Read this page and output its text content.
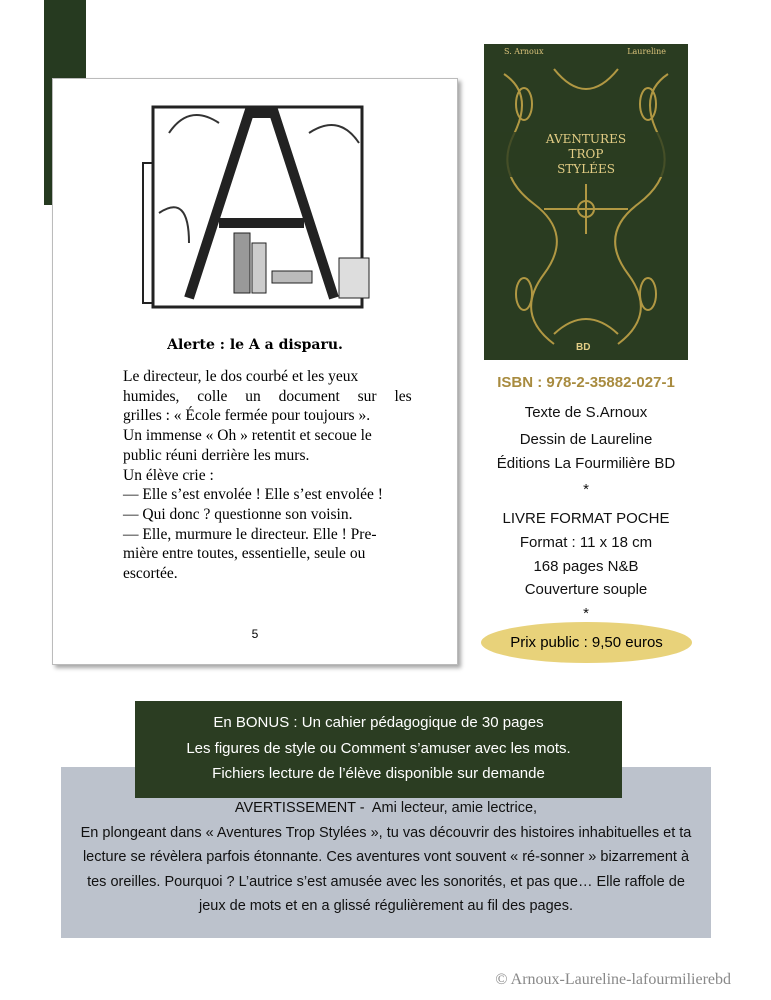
Alerte : le A a disparu.
Le directeur, le dos courbé et les yeux
humides, colle un document sur les
grilles : « École fermée pour toujours ».
Un immense « Oh » retentit et secoue le
public réuni derrière les murs.
Un élève crie :
— Elle s’est envolée ! Elle s’est envolée !
— Qui donc ? questionne son voisin.
— Elle, murmure le directeur. Elle ! Pre-
mière entre toutes, essentielle, seule ou
escortée.
5
S. Arnoux	Laureline
AVENTURES
TROP
STYLÉES
BD
ISBN : 978-2-35882-027-1
Texte de S.Arnoux
Dessin de Laureline
Éditions La Fourmilière BD
*
LIVRE FORMAT POCHE
Format : 11 x 18 cm
168 pages N&B
Couverture souple
*
Prix public : 9,50 euros
En BONUS : Un cahier pédagogique de 30 pages
Les figures de style ou Comment s’amuser avec les mots.
Fichiers lecture de l’élève disponible sur demande
AVERTISSEMENT -  Ami lecteur, amie lectrice,
En plongeant dans « Aventures Trop Stylées », tu vas découvrir des histoires inhabituelles et ta
lecture se révèlera parfois étonnante. Ces aventures vont souvent « ré-sonner » bizarrement à
tes oreilles. Pourquoi ? L’autrice s’est amusée avec les sonorités, et pas que… Elle raffole de
jeux de mots et en a glissé régulièrement au fil des pages.
© Arnoux-Laureline-lafourmilierebd
